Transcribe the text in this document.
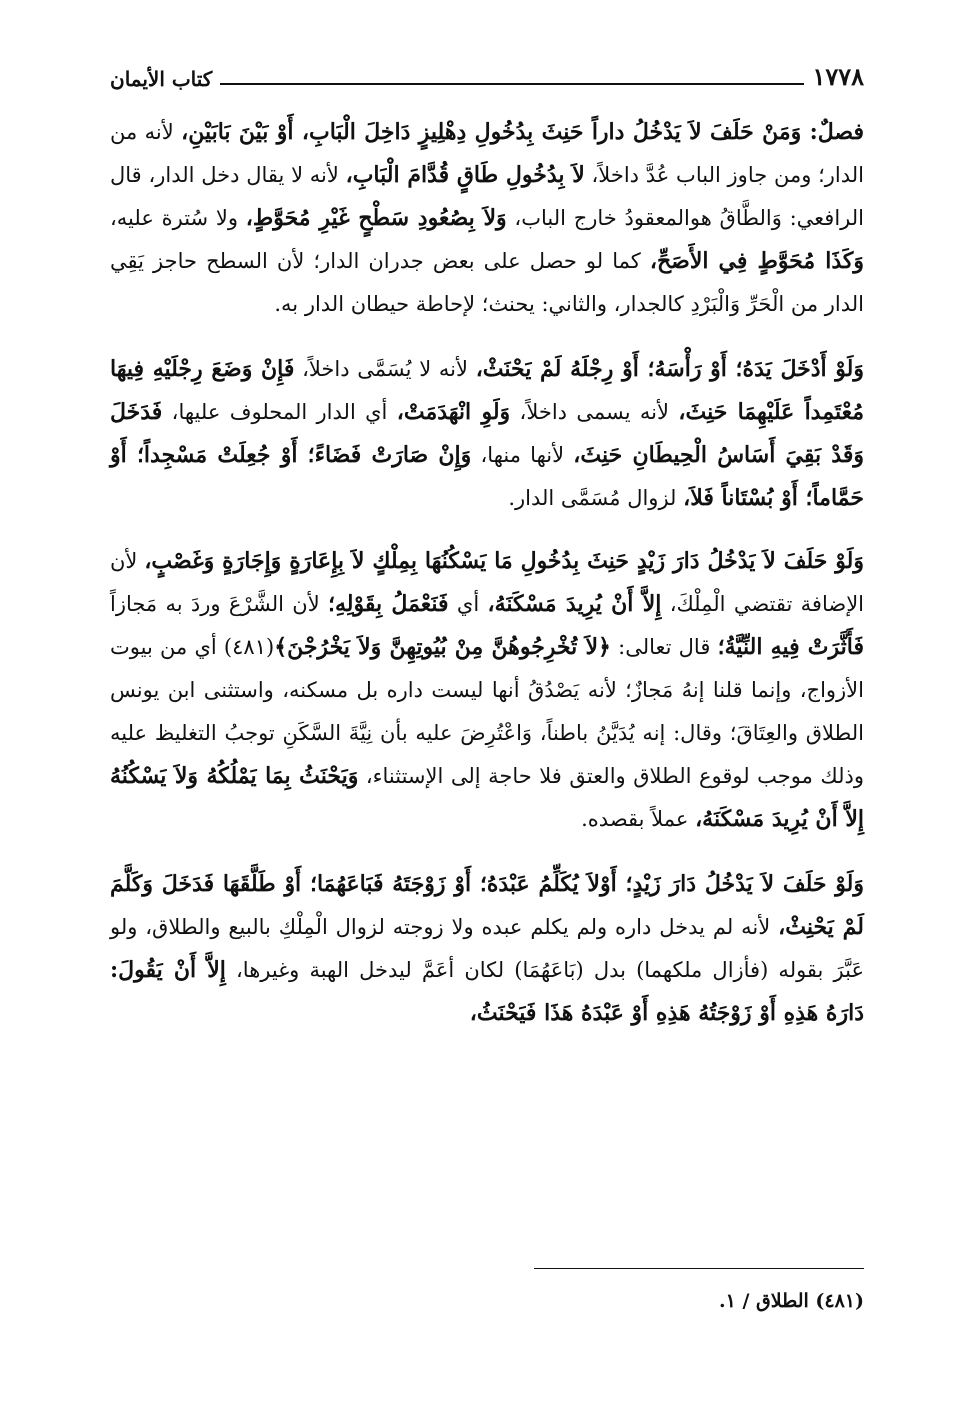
١٧٧٨
كتاب الأيمان

فصلٌ: وَمَنْ حَلَفَ لاَ يَدْخُلُ داراً حَنِثَ بِدُخُولِ دِهْلِيزٍ دَاخِلَ الْبَابِ، أَوْ بَيْنَ بَابَيْنِ، لأنه من الدار؛ ومن جاوز الباب عُدَّ داخلاً، لاَ بِدُخُولِ طَاقٍ قُدَّامَ الْبَابِ، لأنه لا يقال دخل الدار، قال الرافعي: وَالطَّاقُ هوالمعقودُ خارج الباب، وَلاَ بِصُعُودِ سَطْحٍ غَيْرِ مُحَوَّطٍ، ولا سُترة عليه، وَكَذَا مُحَوَّطٍ فِي الأَصَحِّ، كما لو حصل على بعض جدران الدار؛ لأن السطح حاجز يَقِي الدار من الْحَرِّ وَالْبَرْدِ كالجدار، والثاني: يحنث؛ لإحاطة حيطان الدار به.

وَلَوْ أَدْخَلَ يَدَهُ؛ أَوْ رَأْسَهُ؛ أَوْ رِجْلَهُ لَمْ يَحْنَثْ، لأنه لا يُسَمَّى داخلاً، فَإِنْ وَضَعَ رِجْلَيْهِ فِيهَا مُعْتَمِداً عَلَيْهِمَا حَنِثَ، لأنه يسمى داخلاً، وَلَوِ انْهَدَمَتْ، أي الدار المحلوف عليها، فَدَخَلَ وَقَدْ بَقِيَ أَسَاسُ الْحِيطَانِ حَنِثَ، لأنها منها، وَإِنْ صَارَتْ فَضَاءً؛ أَوْ جُعِلَتْ مَسْجِداً؛ أَوْ حَمَّاماً؛ أَوْ بُسْتَاناً فَلاَ، لزوال مُسَمَّى الدار.

وَلَوْ حَلَفَ لاَ يَدْخُلُ دَارَ زَيْدٍ حَنِثَ بِدُخُولِ مَا يَسْكُنُهَا بِمِلْكٍ لاَ بِإِعَارَةٍ وَإِجَارَةٍ وَغَصْبٍ، لأن الإضافة تقتضي الْمِلْكَ، إِلاَّ أَنْ يُرِيدَ مَسْكَنَهُ، أي فَنَعْمَلُ بِقَوْلِهِ؛ لأن الشَّرْعَ وردَ به مَجازاً فَأَثَّرَتْ فِيهِ النِّيَّةُ؛ قال تعالى: ﴿لاَ تُخْرِجُوهُنَّ مِنْ بُيُوتِهِنَّ وَلاَ يَخْرُجْنَ﴾(٤٨١) أي من بيوت الأزواج، وإنما قلنا إنهُ مَجازٌ؛ لأنه يَصْدُقُ أنها ليست داره بل مسكنه، واستثنى ابن يونس الطلاق والعِتَاقَ؛ وقال: إنه يُدَيَّنُ باطناً، وَاعْتُرِضَ عليه بأن نِيَّةَ السَّكَنِ توجبُ التغليظ عليه وذلك موجب لوقوع الطلاق والعتق فلا حاجة إلى الإستثناء، وَيَحْنَثُ بِمَا يَمْلُكُهُ وَلاَ يَسْكُنُهُ إِلاَّ أَنْ يُرِيدَ مَسْكَنَهُ، عملاً بقصده.

وَلَوْ حَلَفَ لاَ يَدْخُلُ دَارَ زَيْدٍ؛ أَوْلاَ يُكَلِّمُ عَبْدَهُ؛ أَوْ زَوْجَتَهُ فَبَاعَهُمَا؛ أَوْ طَلَّقَهَا فَدَخَلَ وَكَلَّمَ لَمْ يَحْنِثْ، لأنه لم يدخل داره ولم يكلم عبده ولا زوجته لزوال الْمِلْكِ بالبيع والطلاق، ولو عَبَّرَ بقوله (فأزال ملكهما) بدل (بَاعَهُمَا) لكان أعَمَّ ليدخل الهبة وغيرها، إِلاَّ أَنْ يَقُولَ: دَارَهُ هَذِهِ أَوْ زَوْجَتُهُ هَذِهِ أَوْ عَبْدَهُ هَذَا فَيَحْنَثُ،

(٤٨١) الطلاق / ١.
